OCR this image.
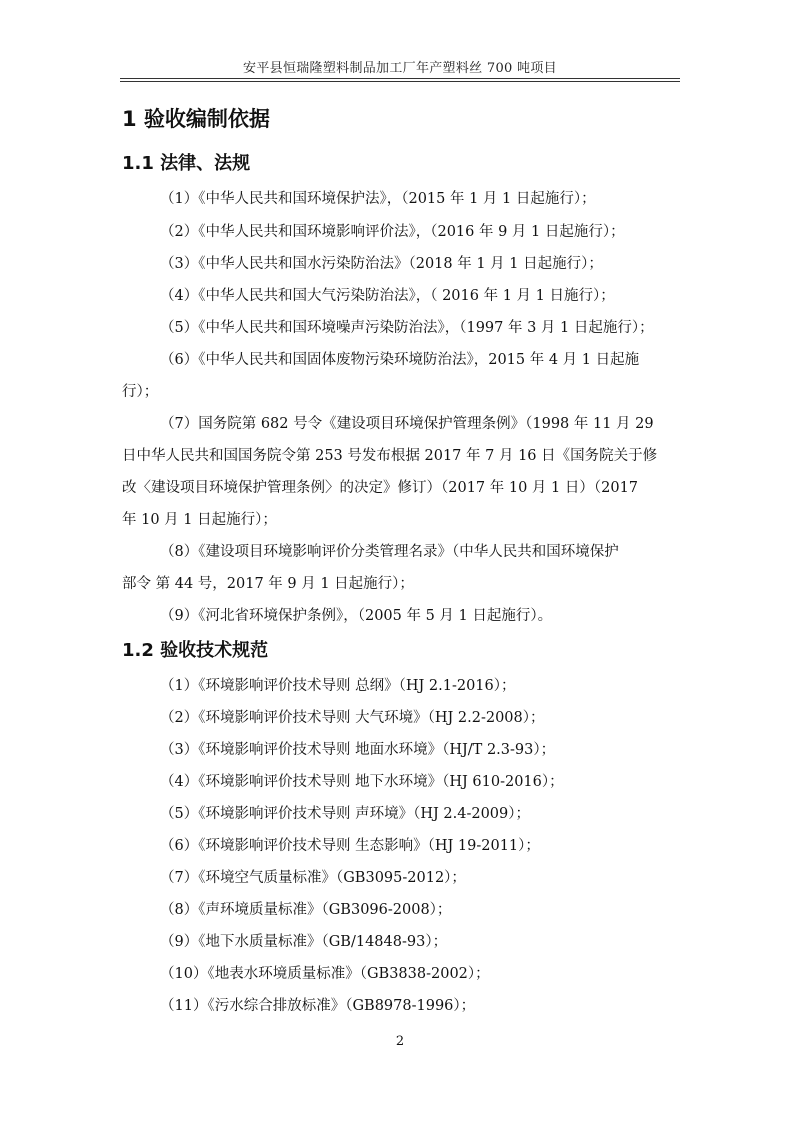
安平县恒瑞隆塑料制品加工厂年产塑料丝 700 吨项目
1 验收编制依据
1.1 法律、法规
（1）《中华人民共和国环境保护法》，（2015 年 1 月 1 日起施行）；
（2）《中华人民共和国环境影响评价法》，（2016 年 9 月 1 日起施行）；
（3）《中华人民共和国水污染防治法》（2018 年 1 月 1 日起施行）；
（4）《中华人民共和国大气污染防治法》，（ 2016 年 1 月 1 日施行）；
（5）《中华人民共和国环境噪声污染防治法》，（1997 年 3 月 1 日起施行）；
（6）《中华人民共和国固体废物污染环境防治法》，2015 年 4 月 1 日起施
行）；
（7）国务院第 682 号令《建设项目环境保护管理条例》（1998 年 11 月 29
日中华人民共和国国务院令第 253 号发布根据 2017 年 7 月 16 日《国务院关于修
改〈建设项目环境保护管理条例〉的决定》修订）（2017 年 10 月 1 日）（2017
年 10 月 1 日起施行）；
（8）《建设项目环境影响评价分类管理名录》（中华人民共和国环境保护
部令 第 44 号，2017 年 9 月 1 日起施行）；
（9）《河北省环境保护条例》，（2005 年 5 月 1 日起施行）。
1.2 验收技术规范
（1）《环境影响评价技术导则 总纲》（HJ 2.1-2016）；
（2）《环境影响评价技术导则 大气环境》（HJ 2.2-2008）；
（3）《环境影响评价技术导则 地面水环境》（HJ/T 2.3-93）；
（4）《环境影响评价技术导则 地下水环境》（HJ 610-2016）；
（5）《环境影响评价技术导则 声环境》（HJ 2.4-2009）；
（6）《环境影响评价技术导则 生态影响》（HJ 19-2011）；
（7）《环境空气质量标准》（GB3095-2012）；
（8）《声环境质量标准》（GB3096-2008）；
（9）《地下水质量标准》（GB/14848-93）；
（10）《地表水环境质量标准》（GB3838-2002）；
（11）《污水综合排放标准》（GB8978-1996）；
2
